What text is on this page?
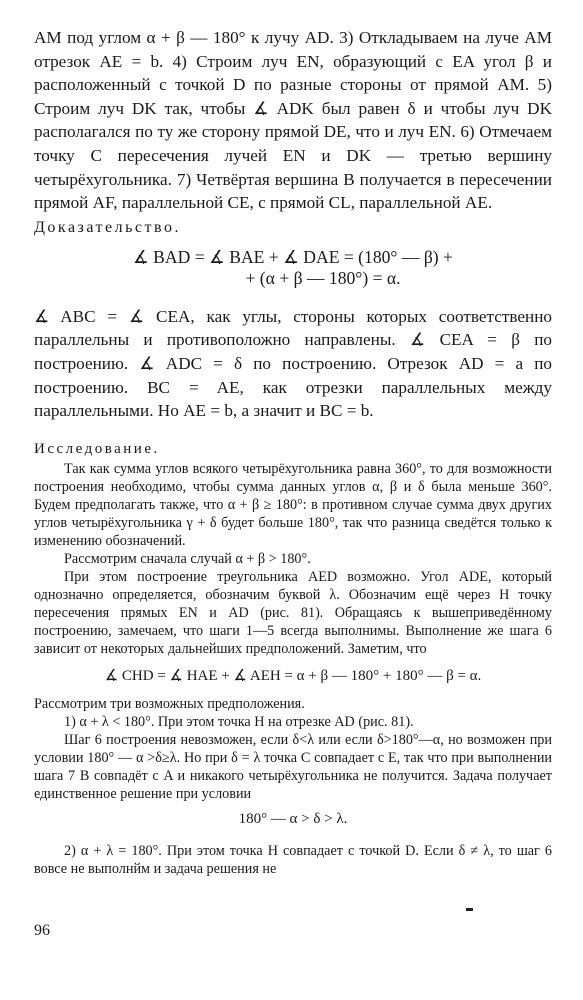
AM под углом α + β — 180° к лучу AD. 3) Откладываем на луче AM отрезок AE = b. 4) Строим луч EN, образующий с EA угол β и расположенный с точкой D по разные стороны от прямой AM. 5) Строим луч DK так, чтобы ∡ ADK был равен δ и чтобы луч DK располагался по ту же сторону прямой DE, что и луч EN. 6) Отмечаем точку C пересечения лучей EN и DK — третью вершину четырёхугольника. 7) Четвёртая вершина B получается в пересечении прямой AF, параллельной CE, с прямой CL, параллельной AE.

Доказательство.

∡ BAD = ∡ BAE + ∡ DAE = (180° — β) +

+ (α + β — 180°) = α.

∡ ABC = ∡ CEA, как углы, стороны которых соответственно параллельны и противоположно направлены. ∡ CEA = β по построению. ∡ ADC = δ по построению. Отрезок AD = a по построению. BC = AE, как отрезки параллельных между параллельными. Но AE = b, а значит и BC = b.

Исследование.

Так как сумма углов всякого четырёхугольника равна 360°, то для возможности построения необходимо, чтобы сумма данных углов α, β и δ была меньше 360°. Будем предполагать также, что α + β ≥ 180°: в противном случае сумма двух других углов четырёхугольника γ + δ будет больше 180°, так что разница сведётся только к изменению обозначений.

Рассмотрим сначала случай α + β > 180°.

При этом построение треугольника AED возможно. Угол ADE, который однозначно определяется, обозначим буквой λ. Обозначим ещё через H точку пересечения прямых EN и AD (рис. 81). Обращаясь к вышеприведённому построению, замечаем, что шаги 1—5 всегда выполнимы. Выполнение же шага 6 зависит от некоторых дальнейших предположений. Заметим, что

∡ CHD = ∡ HAE + ∡ AEH = α + β — 180° + 180° — β = α.

Рассмотрим три возможных предположения.

1) α + λ < 180°. При этом точка H на отрезке AD (рис. 81).

Шаг 6 построения невозможен, если δ<λ или если δ>180°—α, но возможен при условии 180° — α >δ≥λ. Но при δ = λ точка C совпадает с E, так что при выполнении шага 7 B совпадёт с A и никакого четырёхугольника не получится. Задача получает единственное решение при условии

180° — α > δ > λ.

2) α + λ = 180°. При этом точка H совпадает с точкой D. Если δ ≠ λ, то шаг 6 вовсе не выполнйм и задача решения не

96
